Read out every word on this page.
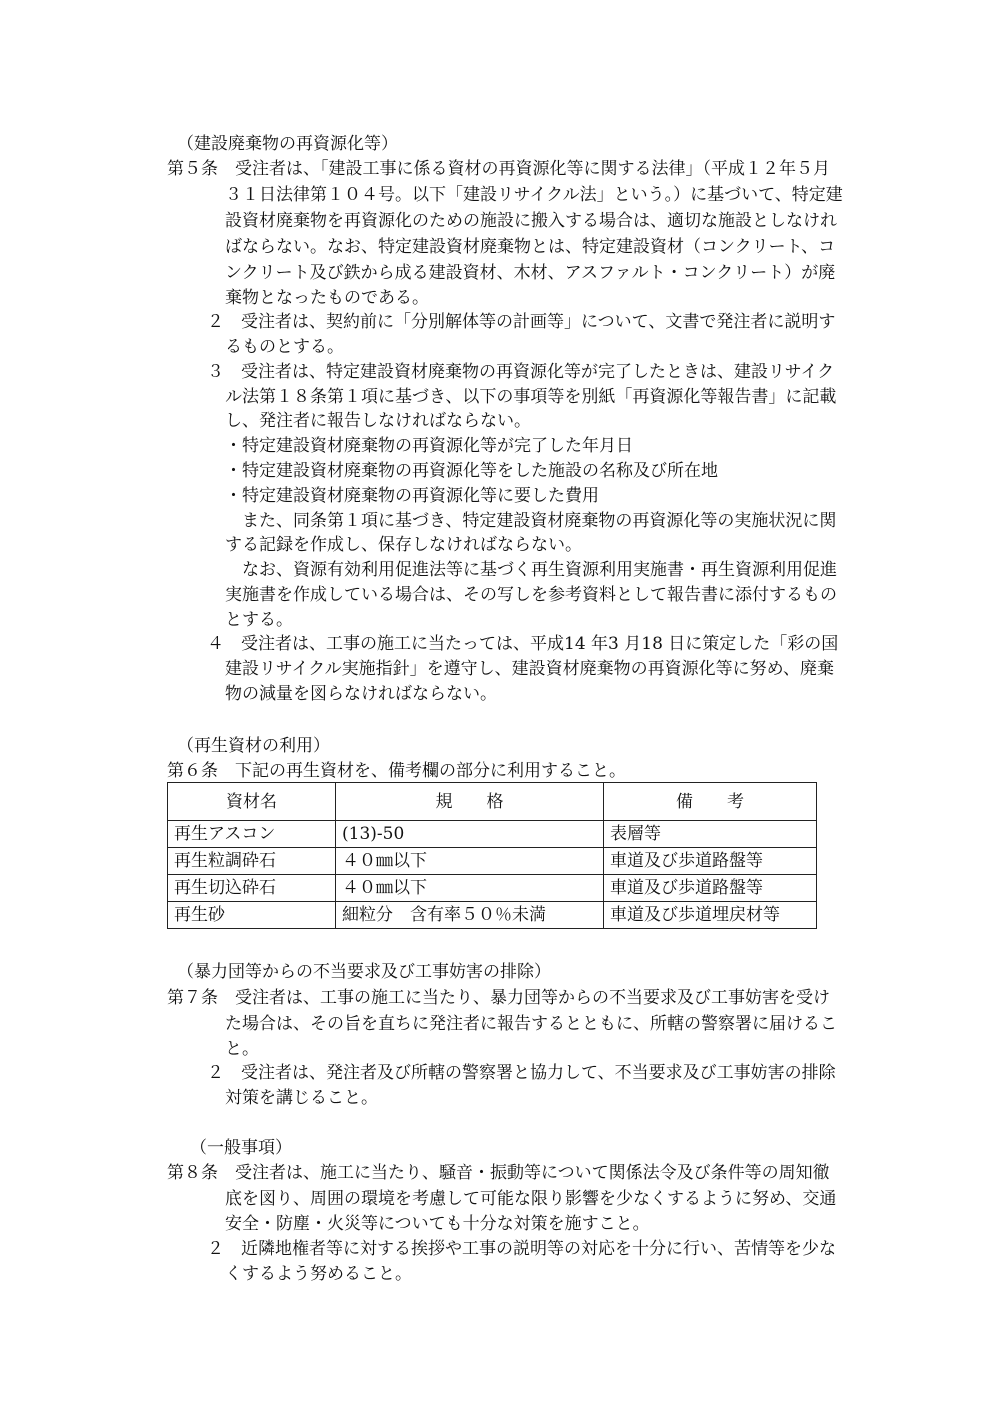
（建設廃棄物の再資源化等）
第５条　受注者は、「建設工事に係る資材の再資源化等に関する法律」（平成１２年５月
３１日法律第１０４号。以下「建設リサイクル法」という。）に基づいて、特定建
設資材廃棄物を再資源化のための施設に搬入する場合は、適切な施設としなけれ
ばならない。なお、特定建設資材廃棄物とは、特定建設資材（コンクリート、コ
ンクリート及び鉄から成る建設資材、木材、アスファルト・コンクリート）が廃
棄物となったものである。
２　受注者は、契約前に「分別解体等の計画等」について、文書で発注者に説明す
るものとする。
３　受注者は、特定建設資材廃棄物の再資源化等が完了したときは、建設リサイク
ル法第１８条第１項に基づき、以下の事項等を別紙「再資源化等報告書」に記載
し、発注者に報告しなければならない。
・特定建設資材廃棄物の再資源化等が完了した年月日
・特定建設資材廃棄物の再資源化等をした施設の名称及び所在地
・特定建設資材廃棄物の再資源化等に要した費用
　また、同条第１項に基づき、特定建設資材廃棄物の再資源化等の実施状況に関
する記録を作成し、保存しなければならない。
　なお、資源有効利用促進法等に基づく再生資源利用実施書・再生資源利用促進
実施書を作成している場合は、その写しを参考資料として報告書に添付するもの
とする。
４　受注者は、工事の施工に当たっては、平成14 年3 月18 日に策定した「彩の国
建設リサイクル実施指針」を遵守し、建設資材廃棄物の再資源化等に努め、廃棄
物の減量を図らなければならない。
（再生資材の利用）
第６条　下記の再生資材を、備考欄の部分に利用すること。
資材名	規　　格	備　　考
再生アスコン	(13)-50	表層等
再生粒調砕石	４０㎜以下	車道及び歩道路盤等
再生切込砕石	４０㎜以下	車道及び歩道路盤等
再生砂	細粒分　含有率５０％未満	車道及び歩道埋戻材等
（暴力団等からの不当要求及び工事妨害の排除）
第７条　受注者は、工事の施工に当たり、暴力団等からの不当要求及び工事妨害を受け
た場合は、その旨を直ちに発注者に報告するとともに、所轄の警察署に届けるこ
と。
２　受注者は、発注者及び所轄の警察署と協力して、不当要求及び工事妨害の排除
対策を講じること。
（一般事項）
第８条　受注者は、施工に当たり、騒音・振動等について関係法令及び条件等の周知徹
底を図り、周囲の環境を考慮して可能な限り影響を少なくするように努め、交通
安全・防塵・火災等についても十分な対策を施すこと。
２　近隣地権者等に対する挨拶や工事の説明等の対応を十分に行い、苦情等を少な
くするよう努めること。
